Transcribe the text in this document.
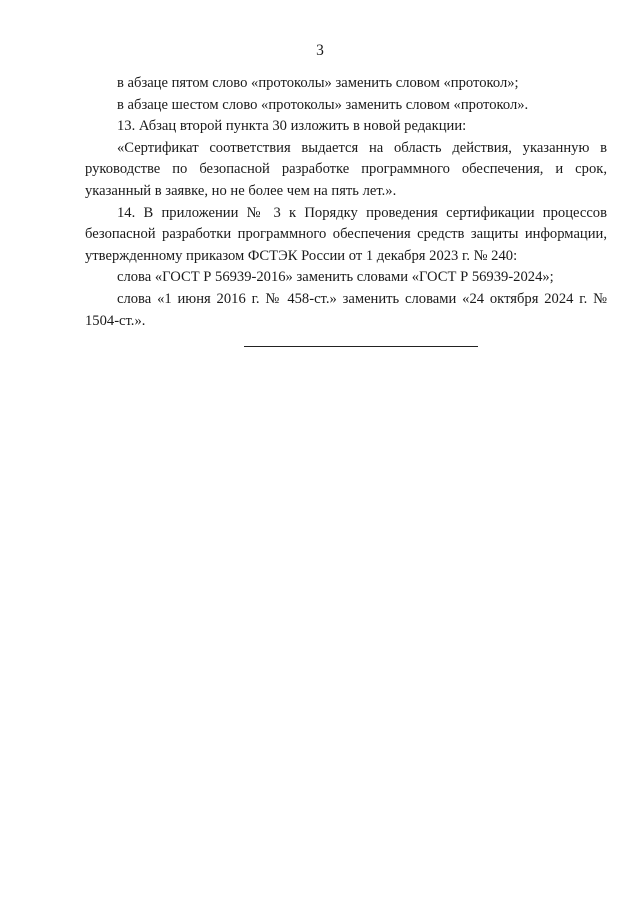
3

в абзаце пятом слово «протоколы» заменить словом «протокол»;

в абзаце шестом слово «протоколы» заменить словом «протокол».

13. Абзац второй пункта 30 изложить в новой редакции:

«Сертификат соответствия выдается на область действия, указанную в руководстве по безопасной разработке программного обеспечения, и срок, указанный в заявке, но не более чем на пять лет.».

14. В приложении № 3 к Порядку проведения сертификации процессов безопасной разработки программного обеспечения средств защиты информации, утвержденному приказом ФСТЭК России от 1 декабря 2023 г. № 240:

слова «ГОСТ Р 56939-2016» заменить словами «ГОСТ Р 56939-2024»;

слова «1 июня 2016 г. № 458-ст.» заменить словами «24 октября 2024 г. № 1504-ст.».
